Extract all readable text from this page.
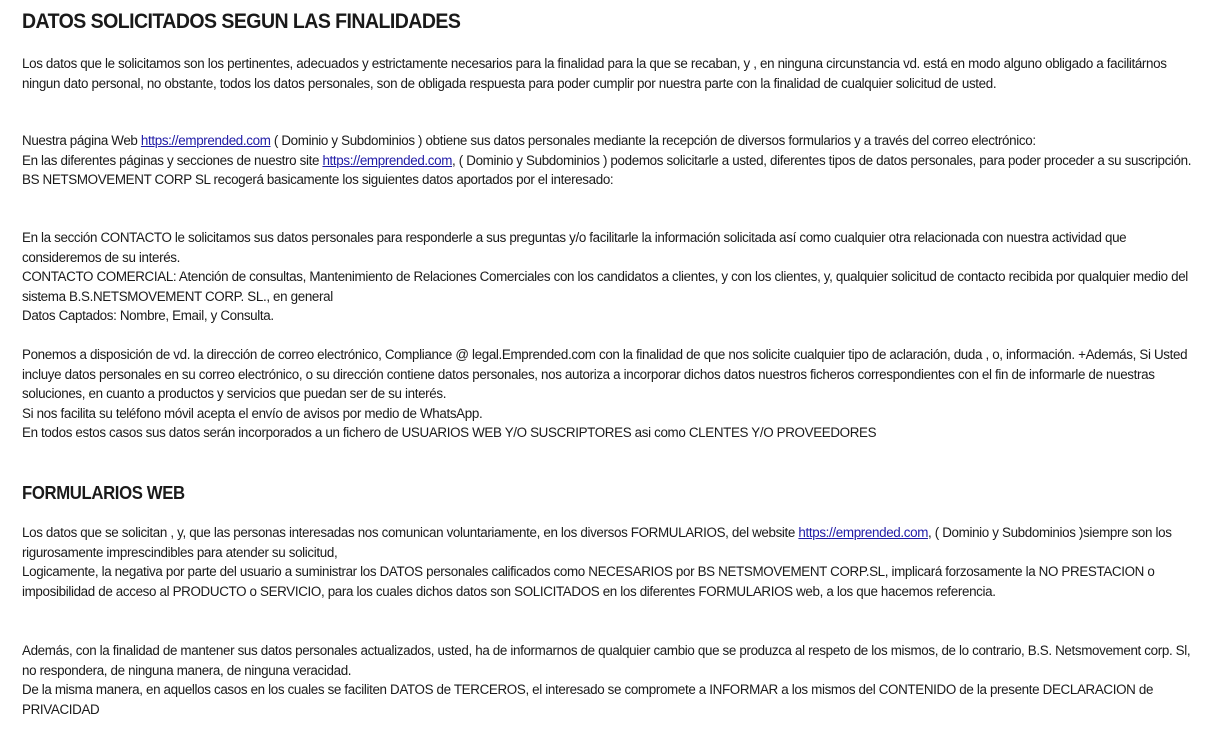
DATOS SOLICITADOS SEGUN LAS FINALIDADES

Los datos que le solicitamos son los pertinentes, adecuados y estrictamente necesarios para la finalidad para la que se recaban, y , en ninguna circunstancia vd. está en modo alguno obligado a facilitárnos ningun dato personal, no obstante, todos los datos personales, son de obligada respuesta para poder cumplir por nuestra parte con la finalidad de cualquier solicitud de usted.

Nuestra página Web https://emprended.com ( Dominio y Subdominios ) obtiene sus datos personales mediante la recepción de diversos formularios y a través del correo electrónico:

En las diferentes páginas y secciones de nuestro site https://emprended.com, ( Dominio y Subdominios ) podemos solicitarle a usted, diferentes tipos de datos personales, para poder proceder a su suscripción.

BS NETSMOVEMENT CORP SL recogerá basicamente los siguientes datos aportados por el interesado:

En la sección CONTACTO le solicitamos sus datos personales para responderle a sus preguntas y/o facilitarle la información solicitada así como cualquier otra relacionada con nuestra actividad que consideremos de su interés.

CONTACTO COMERCIAL: Atención de consultas, Mantenimiento de Relaciones Comerciales con los candidatos a clientes, y con los clientes, y, qualquier solicitud de contacto recibida por qualquier medio del sistema B.S.NETSMOVEMENT CORP. SL., en general

Datos Captados: Nombre, Email, y Consulta.

Ponemos a disposición de vd. la dirección de correo electrónico, Compliance @ legal.Emprended.com con la finalidad de que nos solicite cualquier tipo de aclaración, duda , o, información. +Además, Si Usted incluye datos personales en su correo electrónico, o su dirección contiene datos personales, nos autoriza a incorporar dichos datos nuestros ficheros correspondientes con el fin de informarle de nuestras soluciones, en cuanto a productos y servicios que puedan ser de su interés.

Si nos facilita su teléfono móvil acepta el envío de avisos por medio de WhatsApp.

En todos estos casos sus datos serán incorporados a un fichero de USUARIOS WEB Y/O SUSCRIPTORES asi como CLENTES Y/O PROVEEDORES

FORMULARIOS WEB

Los datos que se solicitan , y, que las personas interesadas nos comunican voluntariamente, en los diversos FORMULARIOS, del website https://emprended.com, ( Dominio y Subdominios )siempre son los rigurosamente imprescindibles para atender su solicitud,

Logicamente, la negativa por parte del usuario a suministrar los DATOS personales calificados como NECESARIOS por BS NETSMOVEMENT CORP.SL, implicará forzosamente la NO PRESTACION o imposibilidad de acceso al PRODUCTO o SERVICIO, para los cuales dichos datos son SOLICITADOS en los diferentes FORMULARIOS web, a los que hacemos referencia.

Además, con la finalidad de mantener sus datos personales actualizados, usted, ha de informarnos de qualquier cambio que se produzca al respeto de los mismos, de lo contrario, B.S. Netsmovement corp. Sl, no respondera, de ninguna manera, de ninguna veracidad.

De la misma manera, en aquellos casos en los cuales se faciliten DATOS de TERCEROS, el interesado se compromete a INFORMAR a los mismos del CONTENIDO de la presente DECLARACION de PRIVACIDAD
